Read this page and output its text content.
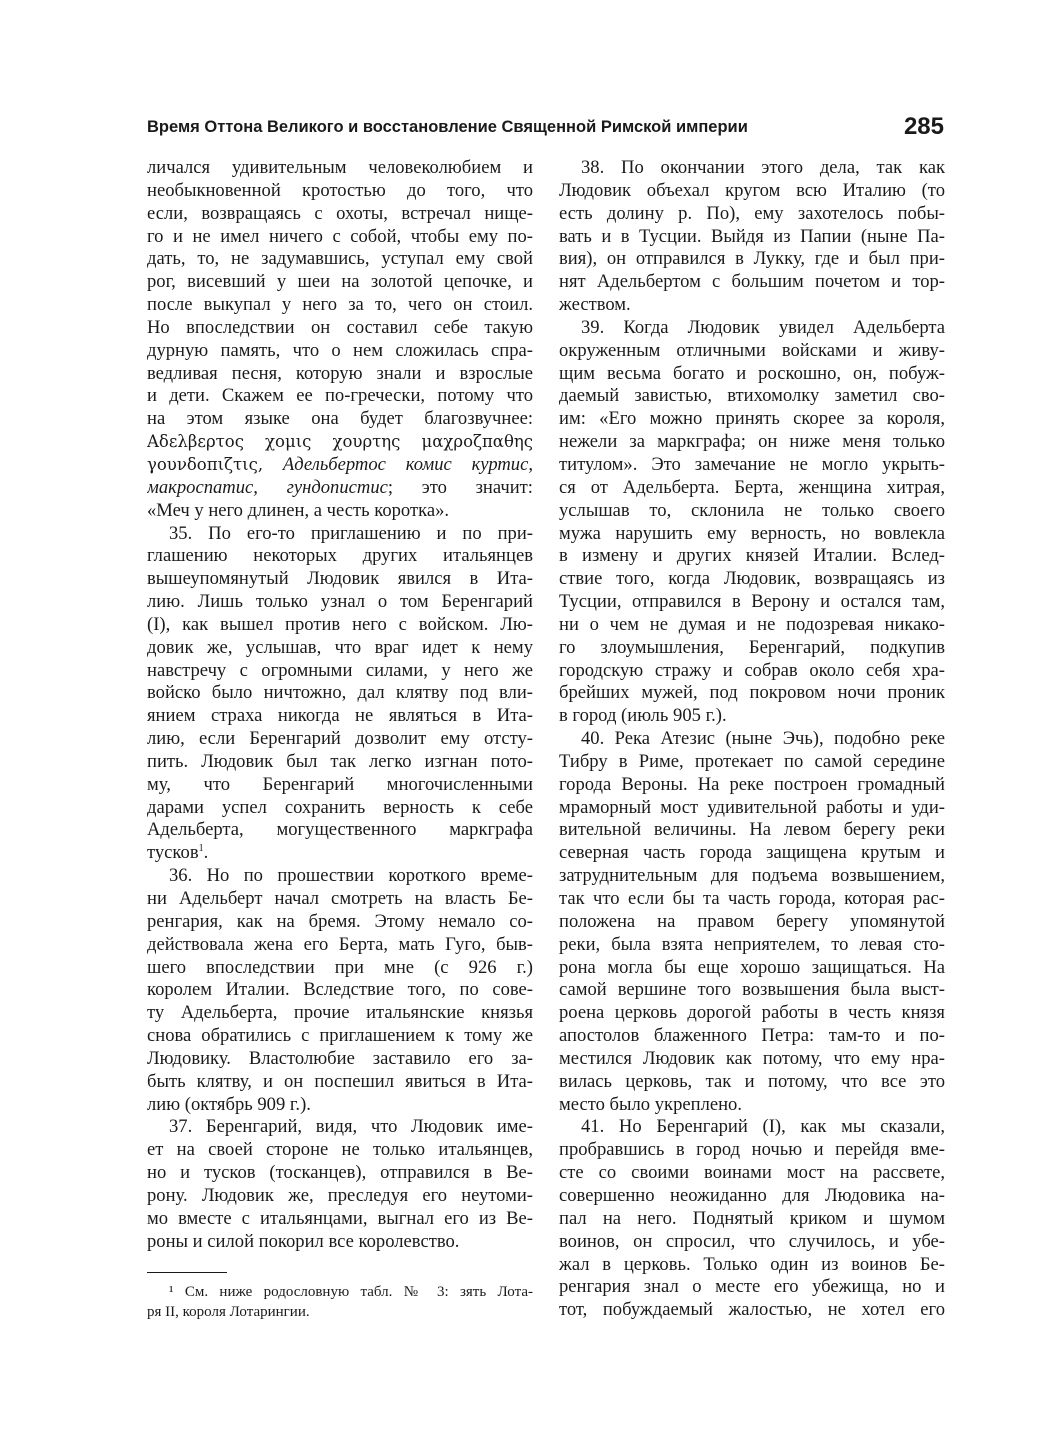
Время Оттона Великого и восстановление Священной Римской империи	285
личался удивительным человеколюбием и
необыкновенной кротостью до того, что
если, возвращаясь с охоты, встречал нище-
го и не имел ничего с собой, чтобы ему по-
дать, то, не задумавшись, уступал ему свой
рог, висевший у шеи на золотой цепочке, и
после выкупал у него за то, чего он стоил.
Но впоследствии он составил себе такую
дурную память, что о нем сложилась спра-
ведливая песня, которую знали и взрослые
и дети. Скажем ее по-гречески, потому что
на этом языке она будет благозвучнее:
Αδελβερτος χομις χουρτης μαχροζπαθης
γουνδοπιζτις, Адельбертос комис куртис,
макроспатис, гундопистис; это значит:
«Меч у него длинен, а честь коротка».
35. По его-то приглашению и по при-
глашению некоторых других итальянцев
вышеупомянутый Людовик явился в Ита-
лию. Лишь только узнал о том Беренгарий
(I), как вышел против него с войском. Лю-
довик же, услышав, что враг идет к нему
навстречу с огромными силами, у него же
войско было ничтожно, дал клятву под вли-
янием страха никогда не являться в Ита-
лию, если Беренгарий дозволит ему отсту-
пить. Людовик был так легко изгнан пото-
му, что Беренгарий многочисленными
дарами успел сохранить верность к себе
Адельберта, могущественного маркграфа
тусков$^1$.
36. Но по прошествии короткого време-
ни Адельберт начал смотреть на власть Бе-
ренгария, как на бремя. Этому немало со-
действовала жена его Берта, мать Гуго, быв-
шего впоследствии при мне (с 926 г.)
королем Италии. Вследствие того, по сове-
ту Адельберта, прочие итальянские князья
снова обратились с приглашением к тому же
Людовику. Властолюбие заставило его за-
быть клятву, и он поспешил явиться в Ита-
лию (октябрь 909 г.).
37. Беренгарий, видя, что Людовик име-
ет на своей стороне не только итальянцев,
но и тусков (тосканцев), отправился в Ве-
рону. Людовик же, преследуя его неутоми-
мо вместе с итальянцами, выгнал его из Ве-
роны и силой покорил все королевство.
38. По окончании этого дела, так как
Людовик объехал кругом всю Италию (то
есть долину р. По), ему захотелось побы-
вать и в Тусции. Выйдя из Папии (ныне Па-
вия), он отправился в Лукку, где и был при-
нят Адельбертом с большим почетом и тор-
жеством.
39. Когда Людовик увидел Адельберта
окруженным отличными войсками и живу-
щим весьма богато и роскошно, он, побуж-
даемый завистью, втихомолку заметил сво-
им: «Его можно принять скорее за короля,
нежели за маркграфа; он ниже меня только
титулом». Это замечание не могло укрыть-
ся от Адельберта. Берта, женщина хитрая,
услышав то, склонила не только своего
мужа нарушить ему верность, но вовлекла
в измену и других князей Италии. Вслед-
ствие того, когда Людовик, возвращаясь из
Тусции, отправился в Верону и остался там,
ни о чем не думая и не подозревая никако-
го злоумышления, Беренгарий, подкупив
городскую стражу и собрав около себя хра-
брейших мужей, под покровом ночи проник
в город (июль 905 г.).
40. Река Атезис (ныне Эчь), подобно реке
Тибру в Риме, протекает по самой середине
города Вероны. На реке построен громадный
мраморный мост удивительной работы и уди-
вительной величины. На левом берегу реки
северная часть города защищена крутым и
затруднительным для подъема возвышением,
так что если бы та часть города, которая рас-
положена на правом берегу упомянутой
реки, была взята неприятелем, то левая сто-
рона могла бы еще хорошо защищаться. На
самой вершине того возвышения была выст-
роена церковь дорогой работы в честь князя
апостолов блаженного Петра: там-то и по-
местился Людовик как потому, что ему нра-
вилась церковь, так и потому, что все это
место было укреплено.
41. Но Беренгарий (I), как мы сказали,
пробравшись в город ночью и перейдя вме-
сте со своими воинами мост на рассвете,
совершенно неожиданно для Людовика на-
пал на него. Поднятый криком и шумом
воинов, он спросил, что случилось, и убе-
жал в церковь. Только один из воинов Бе-
ренгария знал о месте его убежища, но и
тот, побуждаемый жалостью, не хотел его
¹ См. ниже родословную табл. № 3: зять Лота-
ря II, короля Лотарингии.
